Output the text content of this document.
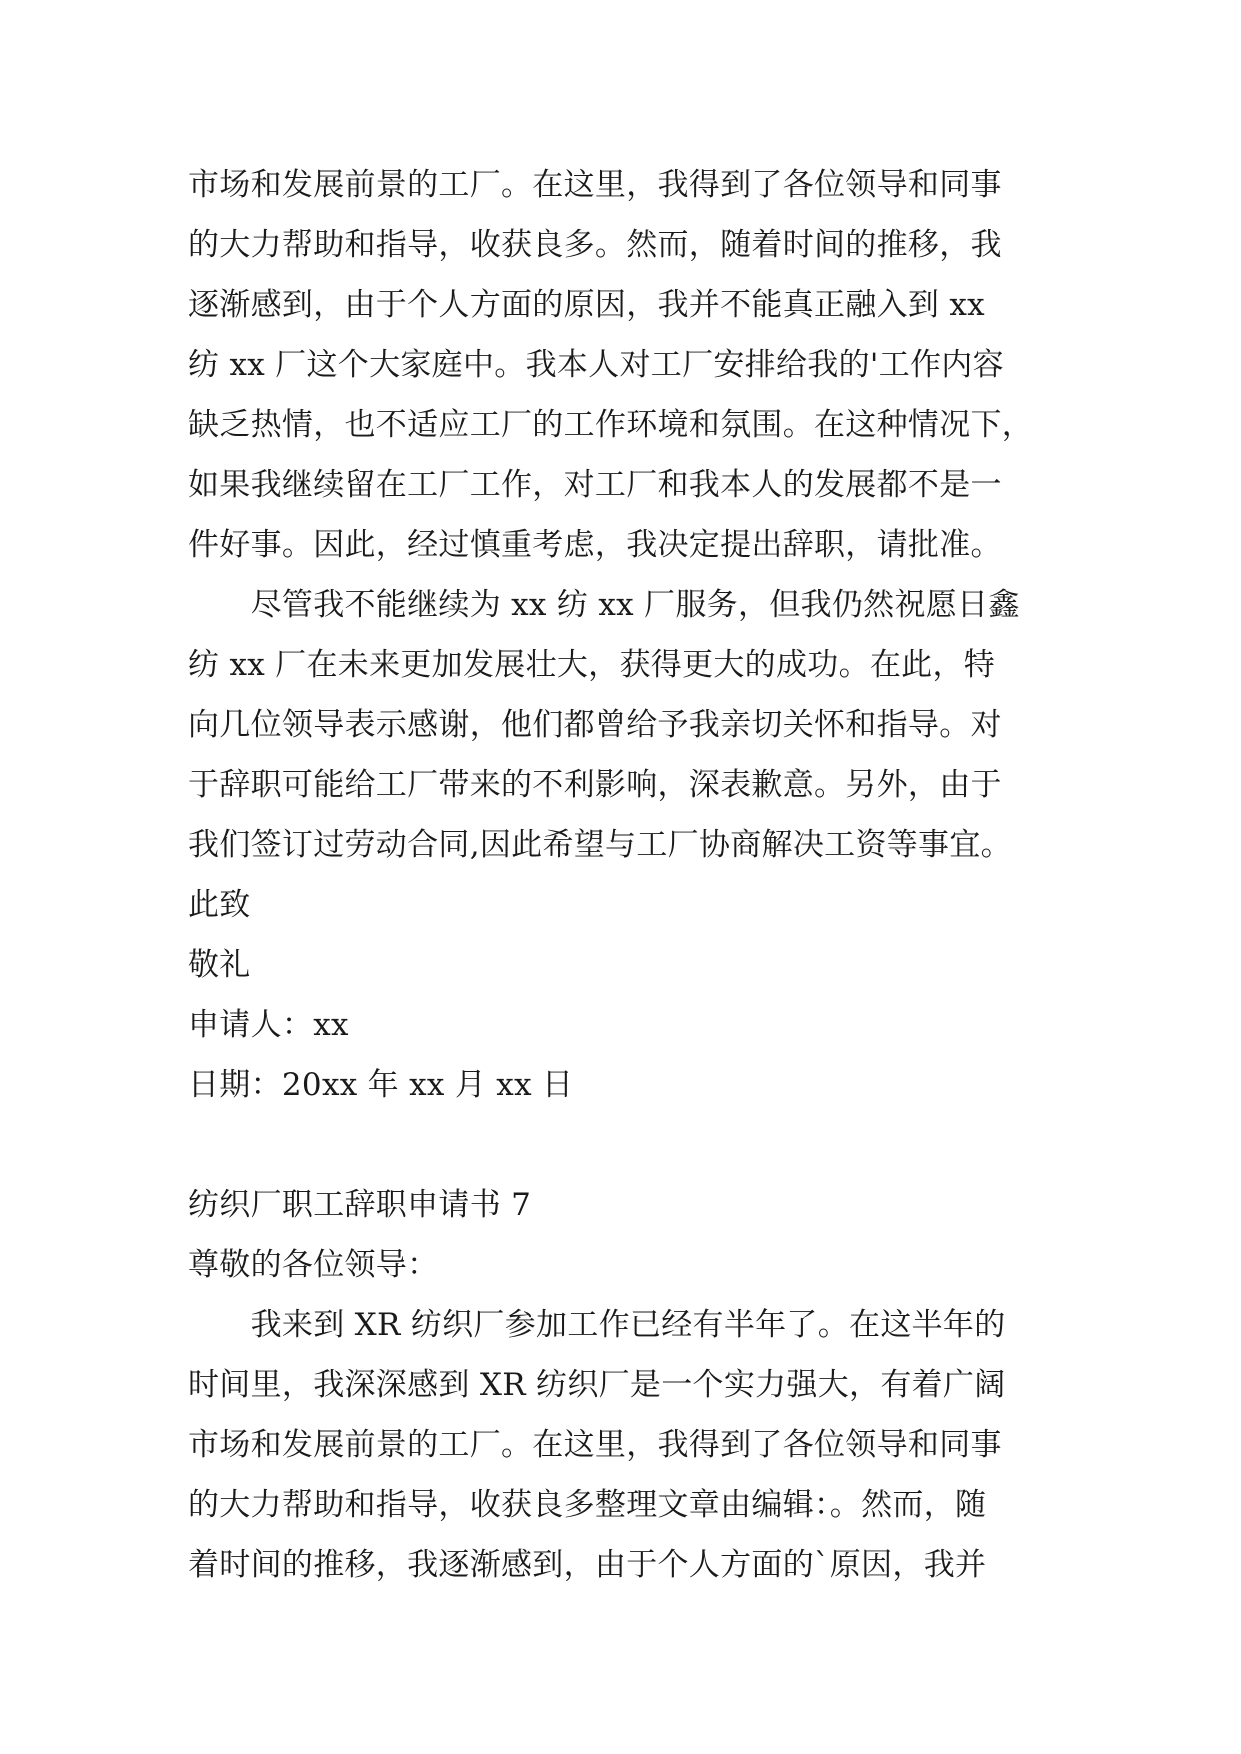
市场和发展前景的工厂。在这里，我得到了各位领导和同事
的大力帮助和指导，收获良多。然而，随着时间的推移，我
逐渐感到，由于个人方面的原因，我并不能真正融入到 xx
纺 xx 厂这个大家庭中。我本人对工厂安排给我的'工作内容
缺乏热情，也不适应工厂的工作环境和氛围。在这种情况下，
如果我继续留在工厂工作，对工厂和我本人的发展都不是一
件好事。因此，经过慎重考虑，我决定提出辞职，请批准。
　　尽管我不能继续为 xx 纺 xx 厂服务，但我仍然祝愿日鑫
纺 xx 厂在未来更加发展壮大，获得更大的成功。在此，特
向几位领导表示感谢，他们都曾给予我亲切关怀和指导。对
于辞职可能给工厂带来的不利影响，深表歉意。另外，由于
我们签订过劳动合同,因此希望与工厂协商解决工资等事宜。
此致
敬礼
申请人：xx
日期：20xx 年 xx 月 xx 日
纺织厂职工辞职申请书 7
尊敬的各位领导：
　　我来到 XR 纺织厂参加工作已经有半年了。在这半年的
时间里，我深深感到 XR 纺织厂是一个实力强大，有着广阔
市场和发展前景的工厂。在这里，我得到了各位领导和同事
的大力帮助和指导，收获良多整理文章由编辑：。然而，随
着时间的推移，我逐渐感到，由于个人方面的`原因，我并
